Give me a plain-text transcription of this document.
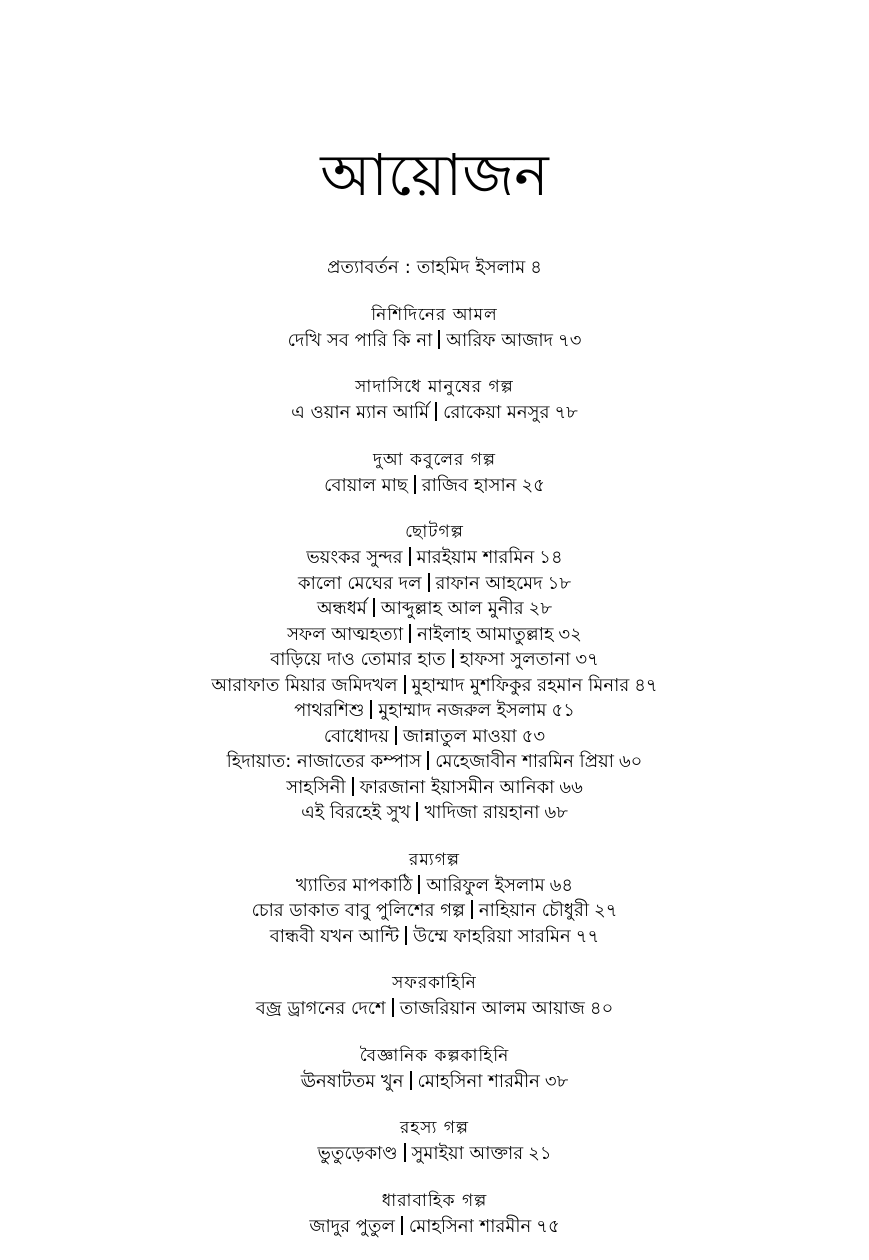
আয়োজন
প্রত্যাবর্তন : তাহমিদ ইসলাম ৪
নিশিদিনের আমল
দেখি সব পারি কি না আরিফ আজাদ ৭৩
সাদাসিধে মানুষের গল্প
এ ওয়ান ম্যান আর্মি রোকেয়া মনসুর ৭৮
দুআ কবুলের গল্প
বোয়াল মাছ রাজিব হাসান ২৫
ছোটগল্প
ভয়ংকর সুন্দর মারইয়াম শারমিন ১৪
কালো মেঘের দল রাফান আহমেদ ১৮
অন্ধধর্ম আব্দুল্লাহ আল মুনীর ২৮
সফল আত্মহত্যা নাইলাহ আমাতুল্লাহ ৩২
বাড়িয়ে দাও তোমার হাত হাফসা সুলতানা ৩৭
আরাফাত মিয়ার জমিদখল মুহাম্মাদ মুশফিকুর রহমান মিনার ৪৭
পাথরশিশু মুহাম্মাদ নজরুল ইসলাম ৫১
বোধোদয় জান্নাতুল মাওয়া ৫৩
হিদায়াত: নাজাতের কম্পাস মেহেজাবীন শারমিন প্রিয়া ৬০
সাহসিনী ফারজানা ইয়াসমীন আনিকা ৬৬
এই বিরহেই সুখ খাদিজা রায়হানা ৬৮
রম্যগল্প
খ্যাতির মাপকাঠি আরিফুল ইসলাম ৬৪
চোর ডাকাত বাবু পুলিশের গল্প নাহিয়ান চৌধুরী ২৭
বান্ধবী যখন আন্টি উম্মে ফাহরিয়া সারমিন ৭৭
সফরকাহিনি
বজ্র ড্রাগনের দেশে তাজরিয়ান আলম আয়াজ ৪০
বৈজ্ঞানিক কল্পকাহিনি
ঊনষাটতম খুন মোহসিনা শারমীন ৩৮
রহস্য গল্প
ভুতুড়েকাণ্ড সুমাইয়া আক্তার ২১
ধারাবাহিক গল্প
জাদুর পুতুল মোহসিনা শারমীন ৭৫
